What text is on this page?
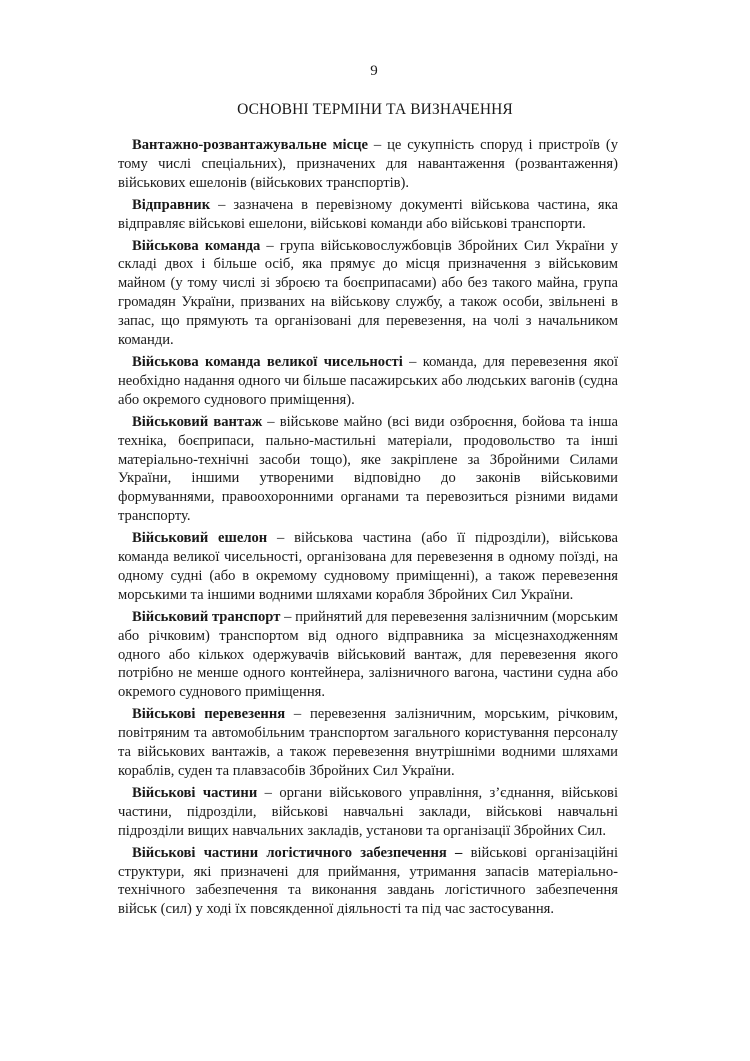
9
ОСНОВНІ ТЕРМІНИ ТА ВИЗНАЧЕННЯ

Вантажно-розвантажувальне місце – це сукупність споруд і пристроїв (у тому числі спеціальних), призначених для навантаження (розвантаження) військових ешелонів (військових транспортів).

Відправник – зазначена в перевізному документі військова частина, яка відправляє військові ешелони, військові команди або військові транспорти.

Військова команда – група військовослужбовців Збройних Сил України у складі двох і більше осіб, яка прямує до місця призначення з військовим майном (у тому числі зі зброєю та боєприпасами) або без такого майна, група громадян України, призваних на військову службу, а також особи, звільнені в запас, що прямують та організовані для перевезення, на чолі з начальником команди.

Військова команда великої чисельності – команда, для перевезення якої необхідно надання одного чи більше пасажирських або людських вагонів (судна або окремого суднового приміщення).

Військовий вантаж – військове майно (всі види озброєння, бойова та інша техніка, боєприпаси, пально-мастильні матеріали, продовольство та інші матеріально-технічні засоби тощо), яке закріплене за Збройними Силами України, іншими утвореними відповідно до законів військовими формуваннями, правоохоронними органами та перевозиться різними видами транспорту.

Військовий ешелон – військова частина (або її підрозділи), військова команда великої чисельності, організована для перевезення в одному поїзді, на одному судні (або в окремому судновому приміщенні), а також перевезення морськими та іншими водними шляхами корабля Збройних Сил України.

Військовий транспорт – прийнятий для перевезення залізничним (морським або річковим) транспортом від одного відправника за місцезнаходженням одного або кількох одержувачів військовий вантаж, для перевезення якого потрібно не менше одного контейнера, залізничного вагона, частини судна або окремого суднового приміщення.

Військові перевезення – перевезення залізничним, морським, річковим, повітряним та автомобільним транспортом загального користування персоналу та військових вантажів, а також перевезення внутрішніми водними шляхами кораблів, суден та плавзасобів Збройних Сил України.

Військові частини – органи військового управління, з’єднання, військові частини, підрозділи, військові навчальні заклади, військові навчальні підрозділи вищих навчальних закладів, установи та організації Збройних Сил.

Військові частини логістичного забезпечення – військові організаційні структури, які призначені для приймання, утримання запасів матеріально-технічного забезпечення та виконання завдань логістичного забезпечення військ (сил) у ході їх повсякденної діяльності та під час застосування.
